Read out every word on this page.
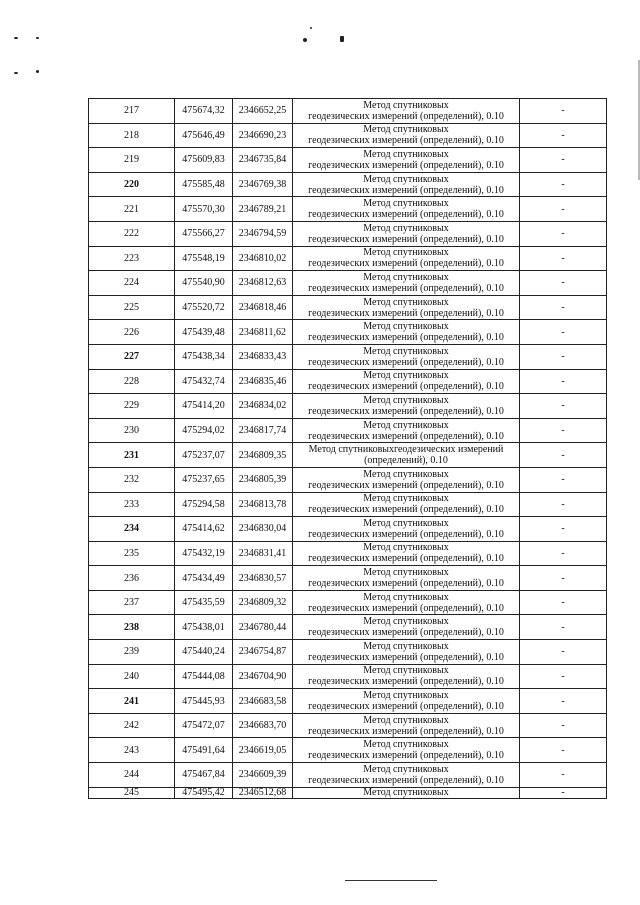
217	475674,32	2346652,25	Метод спутниковых
геодезических измерений (определений), 0.10	-
218	475646,49	2346690,23	Метод спутниковых
геодезических измерений (определений), 0.10	-
219	475609,83	2346735,84	Метод спутниковых
геодезических измерений (определений), 0.10	-
220	475585,48	2346769,38	Метод спутниковых
геодезических измерений (определений), 0.10	-
221	475570,30	2346789,21	Метод спутниковых
геодезических измерений (определений), 0.10	-
222	475566,27	2346794,59	Метод спутниковых
геодезических измерений (определений), 0.10	-
223	475548,19	2346810,02	Метод спутниковых
геодезических измерений (определений), 0.10	-
224	475540,90	2346812,63	Метод спутниковых
геодезических измерений (определений), 0.10	-
225	475520,72	2346818,46	Метод спутниковых
геодезических измерений (определений), 0.10	-
226	475439,48	2346811,62	Метод спутниковых
геодезических измерений (определений), 0.10	-
227	475438,34	2346833,43	Метод спутниковых
геодезических измерений (определений), 0.10	-
228	475432,74	2346835,46	Метод спутниковых
геодезических измерений (определений), 0.10	-
229	475414,20	2346834,02	Метод спутниковых
геодезических измерений (определений), 0.10	-
230	475294,02	2346817,74	Метод спутниковых
геодезических измерений (определений), 0.10	-
231	475237,07	2346809,35	Метод спутниковыхгеодезических измерений
(определений), 0.10	-
232	475237,65	2346805,39	Метод спутниковых
геодезических измерений (определений), 0.10	-
233	475294,58	2346813,78	Метод спутниковых
геодезических измерений (определений), 0.10	-
234	475414,62	2346830,04	Метод спутниковых
геодезических измерений (определений), 0.10	-
235	475432,19	2346831,41	Метод спутниковых
геодезических измерений (определений), 0.10	-
236	475434,49	2346830,57	Метод спутниковых
геодезических измерений (определений), 0.10	-
237	475435,59	2346809,32	Метод спутниковых
геодезических измерений (определений), 0.10	-
238	475438,01	2346780,44	Метод спутниковых
геодезических измерений (определений), 0.10	-
239	475440,24	2346754,87	Метод спутниковых
геодезических измерений (определений), 0.10	-
240	475444,08	2346704,90	Метод спутниковых
геодезических измерений (определений), 0.10	-
241	475445,93	2346683,58	Метод спутниковых
геодезических измерений (определений), 0.10	-
242	475472,07	2346683,70	Метод спутниковых
геодезических измерений (определений), 0.10	-
243	475491,64	2346619,05	Метод спутниковых
геодезических измерений (определений), 0.10	-
244	475467,84	2346609,39	Метод спутниковых
геодезических измерений (определений), 0.10	-
245	475495,42	2346512,68	Метод спутниковых	-
